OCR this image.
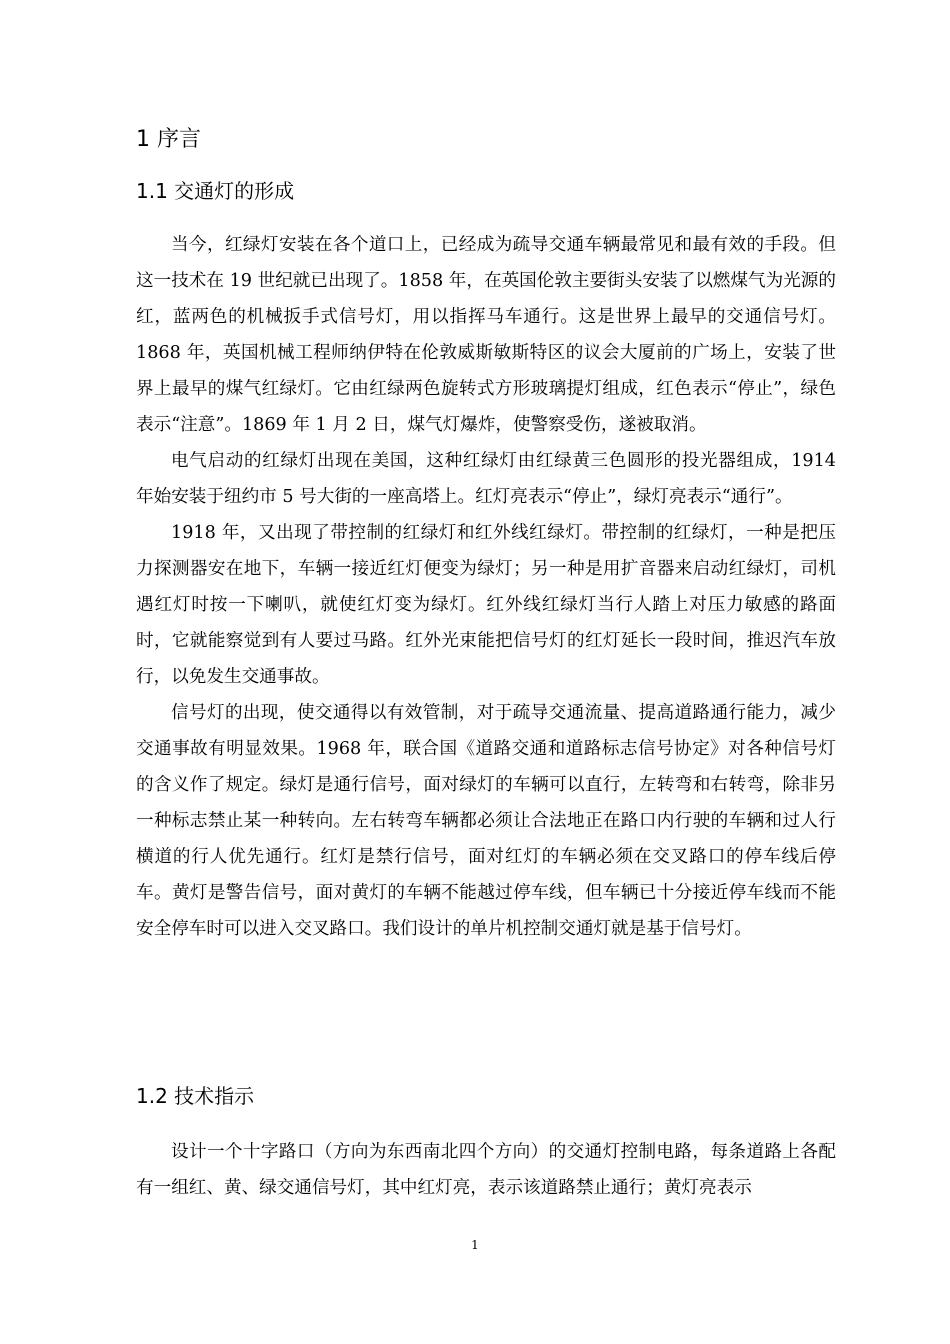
1 序言
1.1 交通灯的形成

当今，红绿灯安装在各个道口上，已经成为疏导交通车辆最常见和最有效的手段。但这一技术在 19 世纪就已出现了。1858 年，在英国伦敦主要街头安装了以燃煤气为光源的红，蓝两色的机械扳手式信号灯，用以指挥马车通行。这是世界上最早的交通信号灯。1868 年，英国机械工程师纳伊特在伦敦威斯敏斯特区的议会大厦前的广场上，安装了世界上最早的煤气红绿灯。它由红绿两色旋转式方形玻璃提灯组成，红色表示“停止”，绿色表示“注意”。1869 年 1 月 2 日，煤气灯爆炸，使警察受伤，遂被取消。

电气启动的红绿灯出现在美国，这种红绿灯由红绿黄三色圆形的投光器组成，1914 年始安装于纽约市 5 号大街的一座高塔上。红灯亮表示“停止”，绿灯亮表示“通行”。

1918 年，又出现了带控制的红绿灯和红外线红绿灯。带控制的红绿灯，一种是把压力探测器安在地下，车辆一接近红灯便变为绿灯；另一种是用扩音器来启动红绿灯，司机遇红灯时按一下喇叭，就使红灯变为绿灯。红外线红绿灯当行人踏上对压力敏感的路面时，它就能察觉到有人要过马路。红外光束能把信号灯的红灯延长一段时间，推迟汽车放行，以免发生交通事故。

信号灯的出现，使交通得以有效管制，对于疏导交通流量、提高道路通行能力，减少交通事故有明显效果。1968 年，联合国《道路交通和道路标志信号协定》对各种信号灯的含义作了规定。绿灯是通行信号，面对绿灯的车辆可以直行，左转弯和右转弯，除非另一种标志禁止某一种转向。左右转弯车辆都必须让合法地正在路口内行驶的车辆和过人行横道的行人优先通行。红灯是禁行信号，面对红灯的车辆必须在交叉路口的停车线后停车。黄灯是警告信号，面对黄灯的车辆不能越过停车线，但车辆已十分接近停车线而不能安全停车时可以进入交叉路口。我们设计的单片机控制交通灯就是基于信号灯。

1.2 技术指示

设计一个十字路口（方向为东西南北四个方向）的交通灯控制电路，每条道路上各配有一组红、黄、绿交通信号灯，其中红灯亮，表示该道路禁止通行；黄灯亮表示

1
